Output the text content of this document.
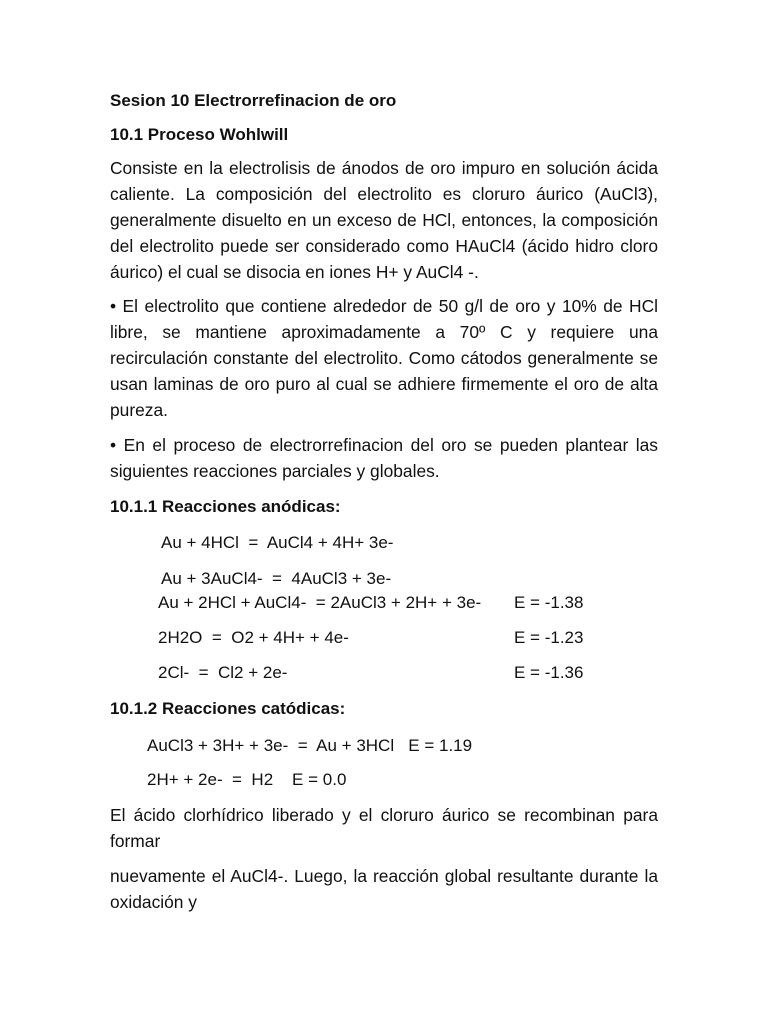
Sesion 10 Electrorrefinacion de oro
10.1 Proceso Wohlwill
Consiste en la electrolisis de ánodos de oro impuro en solución ácida caliente. La composición del electrolito es cloruro áurico (AuCl3), generalmente disuelto en un exceso de HCl, entonces, la composición del electrolito puede ser considerado como HAuCl4 (ácido hidro cloro áurico) el cual se disocia en iones H+ y AuCl4 -.
• El electrolito que contiene alrededor de 50 g/l de oro y 10% de HCl libre, se mantiene aproximadamente a 70º C y requiere una recirculación constante del electrolito. Como cátodos generalmente se usan laminas de oro puro al cual se adhiere firmemente el oro de alta pureza.
• En el proceso de electrorrefinacion del oro se pueden plantear las siguientes reacciones parciales y globales.
10.1.1 Reacciones anódicas:
Au + 4HCl  =  AuCl4 + 4H+ 3e-
Au + 3AuCl4-  =  4AuCl3 + 3e-
Au + 2HCl + AuCl4-  = 2AuCl3 + 2H+ + 3e- E = -1.38
2H2O  =  O2 + 4H+ + 4e-	E = -1.23
2Cl-  =  Cl2 + 2e-	E = -1.36
10.1.2 Reacciones catódicas:
AuCl3 + 3H+ + 3e-  =  Au + 3HCl   E = 1.19
2H+ + 2e-  =  H2    E = 0.0
El ácido clorhídrico liberado y el cloruro áurico se recombinan para formar
nuevamente el AuCl4-. Luego, la reacción global resultante durante la oxidación y
